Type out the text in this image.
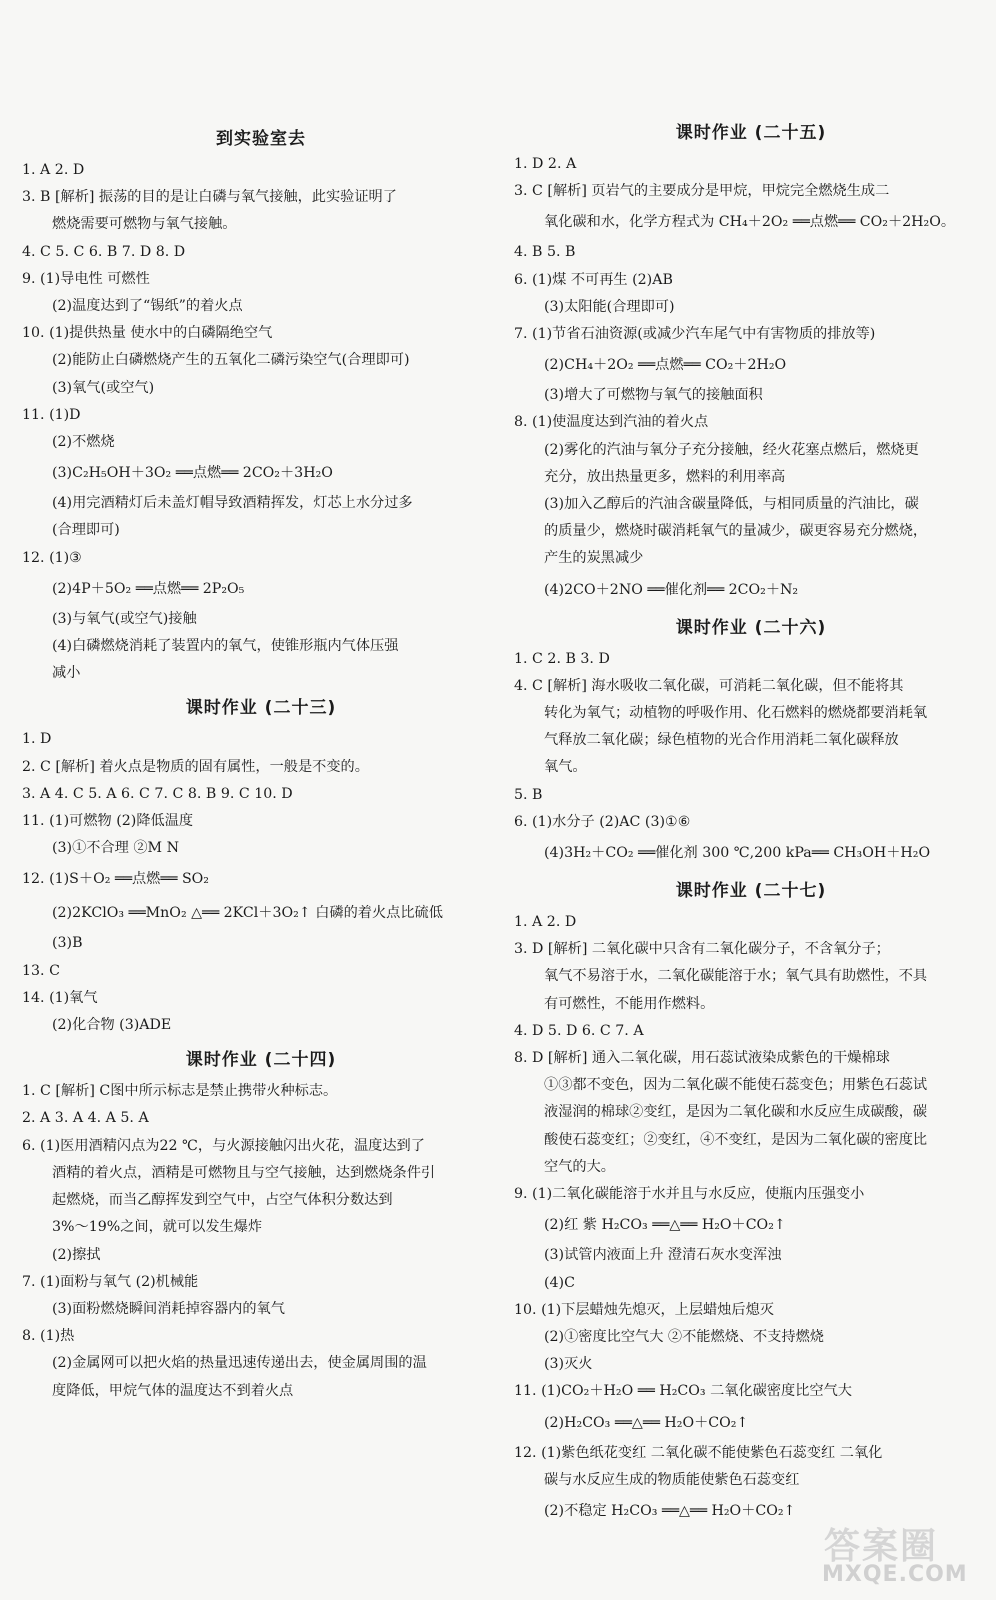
到实验室去
1. A 2. D
3. B [解析] 振荡的目的是让白磷与氧气接触，此实验证明了
燃烧需要可燃物与氧气接触。
4. C 5. C 6. B 7. D 8. D
9. (1)导电性 可燃性
(2)温度达到了“锡纸”的着火点
10. (1)提供热量 使水中的白磷隔绝空气
(2)能防止白磷燃烧产生的五氧化二磷污染空气(合理即可)
(3)氧气(或空气)
11. (1)D
(2)不燃烧
(3)C₂H₅OH＋3O₂ ══点燃══ 2CO₂＋3H₂O
(4)用完酒精灯后未盖灯帽导致酒精挥发，灯芯上水分过多
(合理即可)
12. (1)③
(2)4P＋5O₂ ══点燃══ 2P₂O₅
(3)与氧气(或空气)接触
(4)白磷燃烧消耗了装置内的氧气，使锥形瓶内气体压强
减小
课时作业 (二十三)
1. D
2. C [解析] 着火点是物质的固有属性，一般是不变的。
3. A 4. C 5. A 6. C 7. C 8. B 9. C 10. D
11. (1)可燃物 (2)降低温度
(3)①不合理 ②M N
12. (1)S＋O₂ ══点燃══ SO₂
(2)2KClO₃ ══MnO₂ △══ 2KCl＋3O₂↑ 白磷的着火点比硫低
(3)B
13. C
14. (1)氧气
(2)化合物 (3)ADE
课时作业 (二十四)
1. C [解析] C图中所示标志是禁止携带火种标志。
2. A 3. A 4. A 5. A
6. (1)医用酒精闪点为22 ℃，与火源接触闪出火花，温度达到了
酒精的着火点，酒精是可燃物且与空气接触，达到燃烧条件引
起燃烧，而当乙醇挥发到空气中，占空气体积分数达到
3%～19%之间，就可以发生爆炸
(2)擦拭
7. (1)面粉与氧气 (2)机械能
(3)面粉燃烧瞬间消耗掉容器内的氧气
8. (1)热
(2)金属网可以把火焰的热量迅速传递出去，使金属周围的温
度降低，甲烷气体的温度达不到着火点
课时作业 (二十五)
1. D 2. A
3. C [解析] 页岩气的主要成分是甲烷，甲烷完全燃烧生成二
氧化碳和水，化学方程式为 CH₄＋2O₂ ══点燃══ CO₂＋2H₂O。
4. B 5. B
6. (1)煤 不可再生 (2)AB
(3)太阳能(合理即可)
7. (1)节省石油资源(或减少汽车尾气中有害物质的排放等)
(2)CH₄＋2O₂ ══点燃══ CO₂＋2H₂O
(3)增大了可燃物与氧气的接触面积
8. (1)使温度达到汽油的着火点
(2)雾化的汽油与氧分子充分接触，经火花塞点燃后，燃烧更
充分，放出热量更多，燃料的利用率高
(3)加入乙醇后的汽油含碳量降低，与相同质量的汽油比，碳
的质量少，燃烧时碳消耗氧气的量减少，碳更容易充分燃烧，
产生的炭黑减少
(4)2CO＋2NO ══催化剂══ 2CO₂＋N₂
课时作业 (二十六)
1. C 2. B 3. D
4. C [解析] 海水吸收二氧化碳，可消耗二氧化碳，但不能将其
转化为氧气；动植物的呼吸作用、化石燃料的燃烧都要消耗氧
气释放二氧化碳；绿色植物的光合作用消耗二氧化碳释放
氧气。
5. B
6. (1)水分子 (2)AC (3)①⑥
(4)3H₂＋CO₂ ══催化剂 300 ℃,200 kPa══ CH₃OH＋H₂O
课时作业 (二十七)
1. A 2. D
3. D [解析] 二氧化碳中只含有二氧化碳分子，不含氧分子；
氧气不易溶于水，二氧化碳能溶于水；氧气具有助燃性，不具
有可燃性，不能用作燃料。
4. D 5. D 6. C 7. A
8. D [解析] 通入二氧化碳，用石蕊试液染成紫色的干燥棉球
①③都不变色，因为二氧化碳不能使石蕊变色；用紫色石蕊试
液湿润的棉球②变红，是因为二氧化碳和水反应生成碳酸，碳
酸使石蕊变红；②变红，④不变红，是因为二氧化碳的密度比
空气的大。
9. (1)二氧化碳能溶于水并且与水反应，使瓶内压强变小
(2)红 紫 H₂CO₃ ══△══ H₂O＋CO₂↑
(3)试管内液面上升 澄清石灰水变浑浊
(4)C
10. (1)下层蜡烛先熄灭，上层蜡烛后熄灭
(2)①密度比空气大 ②不能燃烧、不支持燃烧
(3)灭火
11. (1)CO₂＋H₂O ══ H₂CO₃ 二氧化碳密度比空气大
(2)H₂CO₃ ══△══ H₂O＋CO₂↑
12. (1)紫色纸花变红 二氧化碳不能使紫色石蕊变红 二氧化
碳与水反应生成的物质能使紫色石蕊变红
(2)不稳定 H₂CO₃ ══△══ H₂O＋CO₂↑
答案圈
MXQE.COM
